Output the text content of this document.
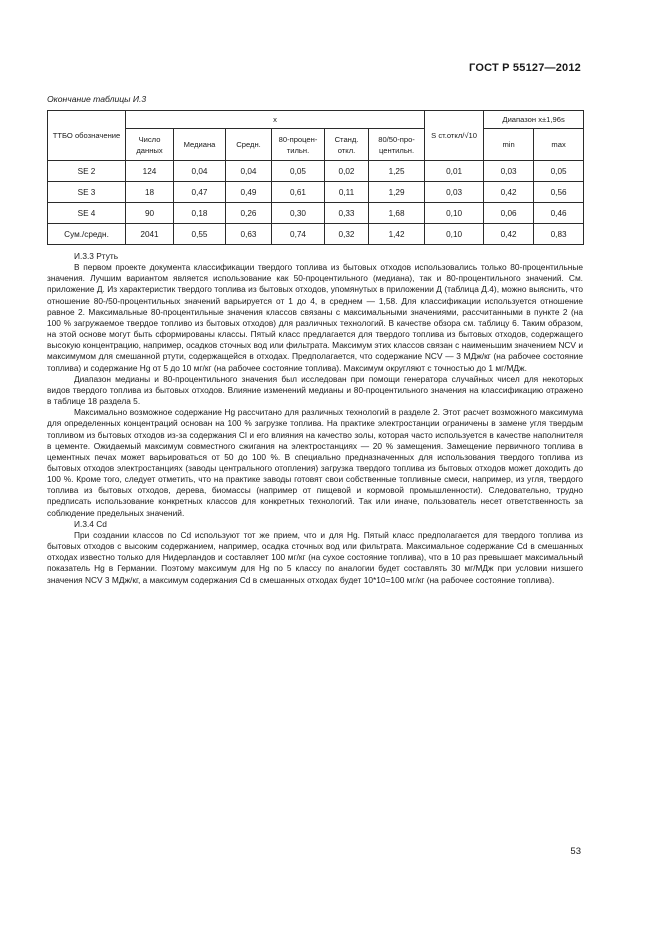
ГОСТ Р 55127—2012
Окончание таблицы И.3
ТТБО обозначение	x						S ст.откл/√10	Диапазон x±1,96s	
	Число данных	Медиана	Средн.	80-процен-тильн.	Станд. откл.	80/50-про-центильн.		min	max
SE 2	124	0,04	0,04	0,05	0,02	1,25	0,01	0,03	0,05
SE 3	18	0,47	0,49	0,61	0,11	1,29	0,03	0,42	0,56
SE 4	90	0,18	0,26	0,30	0,33	1,68	0,10	0,06	0,46
Сум./средн.	2041	0,55	0,63	0,74	0,32	1,42	0,10	0,42	0,83

И.3.3 Ртуть

В первом проекте документа классификации твердого топлива из бытовых отходов использовались только 80-процентильные значения. Лучшим вариантом является использование как 50-процентильного (медиана), так и 80-процентильного значений. См. приложение Д. Из характеристик твердого топлива из бытовых отходов, упомянутых в приложении Д (таблица Д.4), можно выяснить, что отношение 80-/50-процентильных значений варьируется от 1 до 4, в среднем — 1,58. Для классификации используется отношение равное 2. Максимальные 80-процентильные значения классов связаны с максимальными значениями, рассчитанными в пункте 2 (на 100 % загружаемое твердое топливо из бытовых отходов) для различных технологий. В качестве обзора см. таблицу 6. Таким образом, на этой основе могут быть сформированы классы. Пятый класс предлагается для твердого топлива из бытовых отходов, содержащего высокую концентрацию, например, осадков сточных вод или фильтрата. Максимум этих классов связан с наименьшим значением NCV и максимумом для смешанной ртути, содержащейся в отходах. Предполагается, что содержание NCV — 3 МДж/кг (на рабочее состояние топлива) и содержание Hg от 5 до 10 мг/кг (на рабочее состояние топлива). Максимум округляют с точностью до 1 мг/МДж.

Диапазон медианы и 80-процентильного значения был исследован при помощи генератора случайных чисел для некоторых видов твердого топлива из бытовых отходов. Влияние изменений медианы и 80-процентильного значения на классификацию отражено в таблице 18 раздела 5.

Максимально возможное содержание Hg рассчитано для различных технологий в разделе 2. Этот расчет возможного максимума для определенных концентраций основан на 100 % загрузке топлива. На практике электростанции ограничены в замене угля твердым топливом из бытовых отходов из-за содержания Cl и его влияния на качество золы, которая часто используется в качестве наполнителя в цементе. Ожидаемый максимум совместного сжигания на электростанциях — 20 % замещения. Замещение первичного топлива в цементных печах может варьироваться от 50 до 100 %. В специально предназначенных для использования твердого топлива из бытовых отходов электростанциях (заводы центрального отопления) загрузка твердого топлива из бытовых отходов может доходить до 100 %. Кроме того, следует отметить, что на практике заводы готовят свои собственные топливные смеси, например, из угля, твердого топлива из бытовых отходов, дерева, биомассы (например от пищевой и кормовой промышленности). Следовательно, трудно предписать использование конкретных классов для конкретных технологий. Так или иначе, пользователь несет ответственность за соблюдение предельных значений.

И.3.4 Cd

При создании классов по Cd используют тот же прием, что и для Hg. Пятый класс предполагается для твердого топлива из бытовых отходов с высоким содержанием, например, осадка сточных вод или фильтрата. Максимальное содержание Cd в смешанных отходах известно только для Нидерландов и составляет 100 мг/кг (на сухое состояние топлива), что в 10 раз превышает максимальный показатель Hg в Германии. Поэтому максимум для Hg по 5 классу по аналогии будет составлять 30 мг/МДж при условии низшего значения NCV 3 МДж/кг, а максимум содержания Cd в смешанных отходах будет 10*10=100 мг/кг (на рабочее состояние топлива).

53
